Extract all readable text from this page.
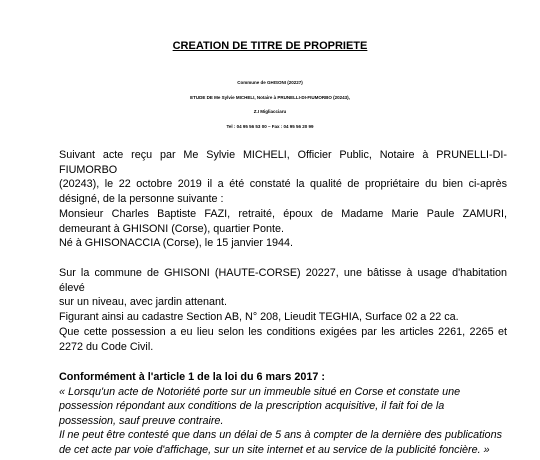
CREATION DE TITRE DE PROPRIETE
Commune de GHISONI (20227)
ETUDE DE Me Sylvie MICHELI, Notaire à PRUNELLI-DI-FIUMORBO (20243),
Z.I Migliacciaru
Tel : 04 95 56 53 00 – Fax : 04 95 56 20 99
Suivant acte reçu par Me Sylvie MICHELI, Officier Public, Notaire à PRUNELLI-DI-FIUMORBO
(20243), le 22 octobre 2019 il a été constaté la qualité de propriétaire du bien ci-après
désigné, de la personne suivante :
Monsieur Charles Baptiste FAZI, retraité, époux de Madame Marie Paule ZAMURI,
demeurant à GHISONI (Corse), quartier Ponte.
Né à GHISONACCIA (Corse), le 15 janvier 1944.
Sur la commune de GHISONI (HAUTE-CORSE) 20227, une bâtisse à usage d'habitation élevé
sur un niveau, avec jardin attenant.
Figurant ainsi au cadastre Section AB, N° 208, Lieudit TEGHIA, Surface 02 a 22 ca.
Que cette possession a eu lieu selon les conditions exigées par les articles 2261, 2265 et
2272 du Code Civil.
Conformément à l'article 1 de la loi du 6 mars 2017 :
« Lorsqu'un acte de Notoriété porte sur un immeuble situé en Corse et constate une
possession répondant aux conditions de la prescription acquisitive, il fait foi de la
possession, sauf preuve contraire.
Il ne peut être contesté que dans un délai de 5 ans à compter de la dernière des publications
de cet acte par voie d'affichage, sur un site internet et au service de la publicité foncière. »
